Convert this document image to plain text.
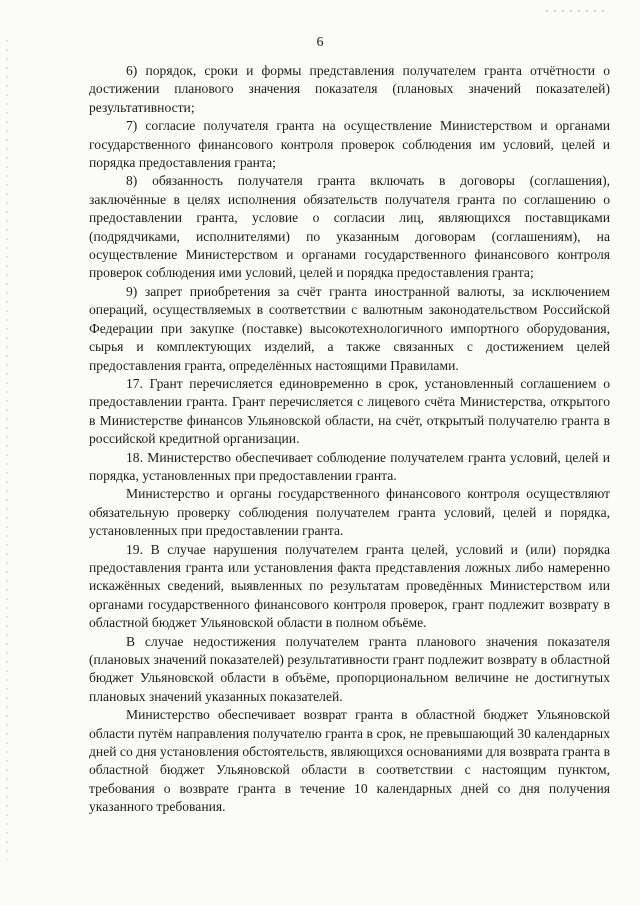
6

6) порядок, сроки и формы представления получателем гранта отчётности о достижении планового значения показателя (плановых значений показателей) результативности;

7) согласие получателя гранта на осуществление Министерством и органами государственного финансового контроля проверок соблюдения им условий, целей и порядка предоставления гранта;

8) обязанность получателя гранта включать в договоры (соглашения), заключённые в целях исполнения обязательств получателя гранта по соглашению о предоставлении гранта, условие о согласии лиц, являющихся поставщиками (подрядчиками, исполнителями) по указанным договорам (соглашениям), на осуществление Министерством и органами государственного финансового контроля проверок соблюдения ими условий, целей и порядка предоставления гранта;

9) запрет приобретения за счёт гранта иностранной валюты, за исключением операций, осуществляемых в соответствии с валютным законодательством Российской Федерации при закупке (поставке) высокотехнологичного импортного оборудования, сырья и комплектующих изделий, а также связанных с достижением целей предоставления гранта, определённых настоящими Правилами.

17. Грант перечисляется единовременно в срок, установленный соглашением о предоставлении гранта. Грант перечисляется с лицевого счёта Министерства, открытого в Министерстве финансов Ульяновской области, на счёт, открытый получателю гранта в российской кредитной организации.

18. Министерство обеспечивает соблюдение получателем гранта условий, целей и порядка, установленных при предоставлении гранта.

Министерство и органы государственного финансового контроля осуществляют обязательную проверку соблюдения получателем гранта условий, целей и порядка, установленных при предоставлении гранта.

19. В случае нарушения получателем гранта целей, условий и (или) порядка предоставления гранта или установления факта представления ложных либо намеренно искажённых сведений, выявленных по результатам проведённых Министерством или органами государственного финансового контроля проверок, грант подлежит возврату в областной бюджет Ульяновской области в полном объёме.

В случае недостижения получателем гранта планового значения показателя (плановых значений показателей) результативности грант подлежит возврату в областной бюджет Ульяновской области в объёме, пропорциональном величине не достигнутых плановых значений указанных показателей.

Министерство обеспечивает возврат гранта в областной бюджет Ульяновской области путём направления получателю гранта в срок, не превышающий 30 календарных дней со дня установления обстоятельств, являющихся основаниями для возврата гранта в областной бюджет Ульяновской области в соответствии с настоящим пунктом, требования о возврате гранта в течение 10 календарных дней со дня получения указанного требования.
